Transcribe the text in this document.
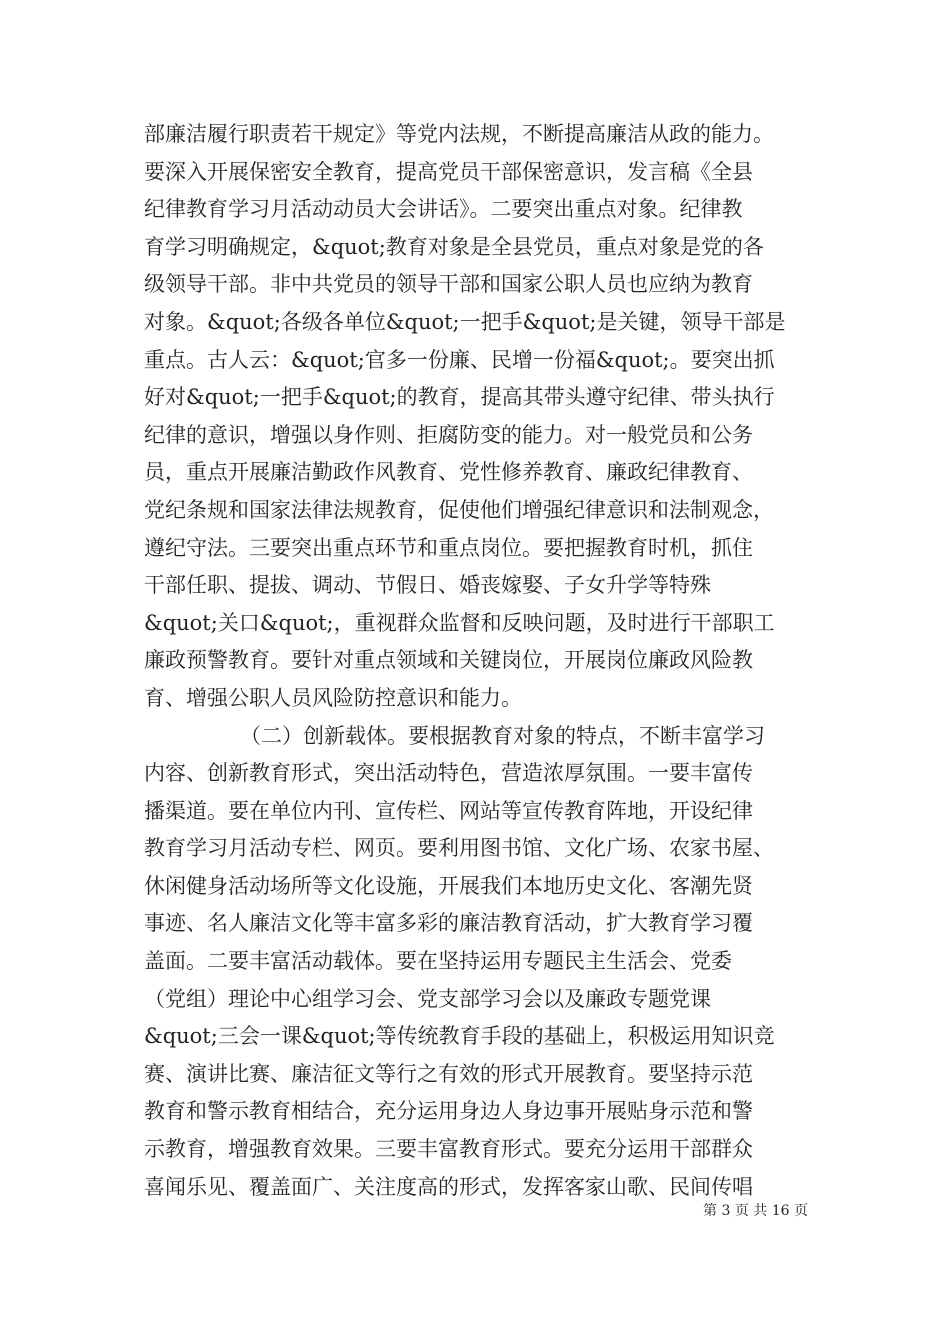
部廉洁履行职责若干规定》等党内法规，不断提高廉洁从政的能力。
要深入开展保密安全教育，提高党员干部保密意识，发言稿《全县
纪律教育学习月活动动员大会讲话》。二要突出重点对象。纪律教
育学习明确规定，&quot;教育对象是全县党员，重点对象是党的各
级领导干部。非中共党员的领导干部和国家公职人员也应纳为教育
对象。&quot;各级各单位&quot;一把手&quot;是关键，领导干部是
重点。古人云：&quot;官多一份廉、民增一份福&quot;。要突出抓
好对&quot;一把手&quot;的教育，提高其带头遵守纪律、带头执行
纪律的意识，增强以身作则、拒腐防变的能力。对一般党员和公务
员，重点开展廉洁勤政作风教育、党性修养教育、廉政纪律教育、
党纪条规和国家法律法规教育，促使他们增强纪律意识和法制观念，
遵纪守法。三要突出重点环节和重点岗位。要把握教育时机，抓住
干部任职、提拔、调动、节假日、婚丧嫁娶、子女升学等特殊
&quot;关口&quot;，重视群众监督和反映问题，及时进行干部职工
廉政预警教育。要针对重点领域和关键岗位，开展岗位廉政风险教
育、增强公职人员风险防控意识和能力。
（二）创新载体。要根据教育对象的特点，不断丰富学习
内容、创新教育形式，突出活动特色，营造浓厚氛围。一要丰富传
播渠道。要在单位内刊、宣传栏、网站等宣传教育阵地，开设纪律
教育学习月活动专栏、网页。要利用图书馆、文化广场、农家书屋、
休闲健身活动场所等文化设施，开展我们本地历史文化、客潮先贤
事迹、名人廉洁文化等丰富多彩的廉洁教育活动，扩大教育学习覆
盖面。二要丰富活动载体。要在坚持运用专题民主生活会、党委
（党组）理论中心组学习会、党支部学习会以及廉政专题党课
&quot;三会一课&quot;等传统教育手段的基础上，积极运用知识竞
赛、演讲比赛、廉洁征文等行之有效的形式开展教育。要坚持示范
教育和警示教育相结合，充分运用身边人身边事开展贴身示范和警
示教育，增强教育效果。三要丰富教育形式。要充分运用干部群众
喜闻乐见、覆盖面广、关注度高的形式，发挥客家山歌、民间传唱
第 3 页 共 16 页
